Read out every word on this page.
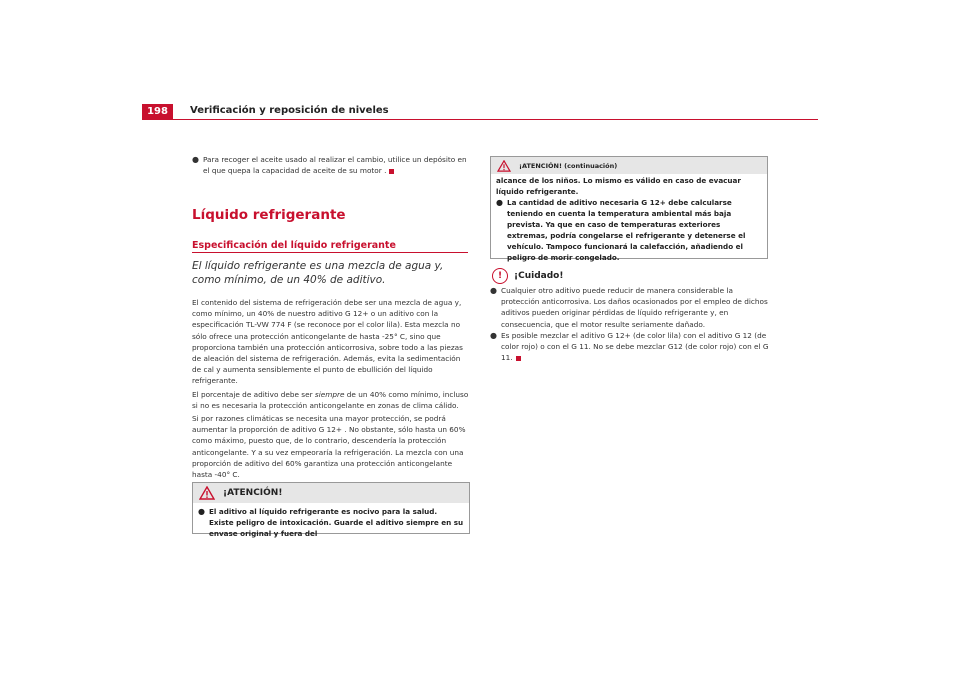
198	Verificación y reposición de niveles
● Para recoger el aceite usado al realizar el cambio, utilice un depósito en el que quepa la capacidad de aceite de su motor .
Líquido refrigerante
Especificación del líquido refrigerante
El líquido refrigerante es una mezcla de agua y, como mínimo, de un 40% de aditivo.

El contenido del sistema de refrigeración debe ser una mezcla de agua y, como mínimo, un 40% de nuestro aditivo G 12+ o un aditivo con la especificación TL-VW 774 F (se reconoce por el color lila). Esta mezcla no sólo ofrece una protección anticongelante de hasta -25° C, sino que proporciona también una protección anticorrosiva, sobre todo a las piezas de aleación del sistema de refrigeración. Además, evita la sedimentación de cal y aumenta sensiblemente el punto de ebullición del líquido refrigerante.

El porcentaje de aditivo debe ser siempre de un 40% como mínimo, incluso si no es necesaria la protección anticongelante en zonas de clima cálido.

Si por razones climáticas se necesita una mayor protección, se podrá aumentar la proporción de aditivo G 12+ . No obstante, sólo hasta un 60% como máximo, puesto que, de lo contrario, descendería la protección anticongelante. Y a su vez empeoraría la refrigeración. La mezcla con una proporción de aditivo del 60% garantiza una protección anticongelante hasta -40° C.

¡ATENCIÓN!
● El aditivo al líquido refrigerante es nocivo para la salud. Existe peligro de intoxicación. Guarde el aditivo siempre en su envase original y fuera del
¡ATENCIÓN! (continuación)
alcance de los niños. Lo mismo es válido en caso de evacuar líquido refrigerante.
● La cantidad de aditivo necesaria G 12+ debe calcularse teniendo en cuenta la temperatura ambiental más baja prevista. Ya que en caso de temperaturas exteriores extremas, podría congelarse el refrigerante y detenerse el vehículo. Tampoco funcionará la calefacción, añadiendo el peligro de morir congelado.
!	¡Cuidado!
● Cualquier otro aditivo puede reducir de manera considerable la protección anticorrosiva. Los daños ocasionados por el empleo de dichos aditivos pueden originar pérdidas de líquido refrigerante y, en consecuencia, que el motor resulte seriamente dañado.
● Es posible mezclar el aditivo G 12+ (de color lila) con el aditivo G 12 (de color rojo) o con el G 11. No se debe mezclar G12 (de color rojo) con el G 11.
